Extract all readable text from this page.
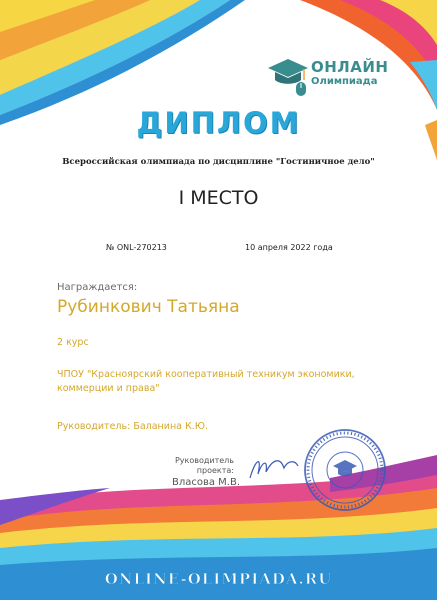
ОНЛАЙН
Олимпиада
ДИПЛОМ
Всероссийская олимпиада по дисциплине "Гостиничное дело"
I МЕСТО
№ ONL-270213	10 апреля 2022 года
Награждается:
Рубинкович Татьяна
2 курс
ЧПОУ "Красноярский кооперативный техникум экономики, коммерции и права"
Руководитель: Баланина К.Ю.
Руководитель проекта:
Власова М.В.
ONLINE-OLIMPIADA.RU
